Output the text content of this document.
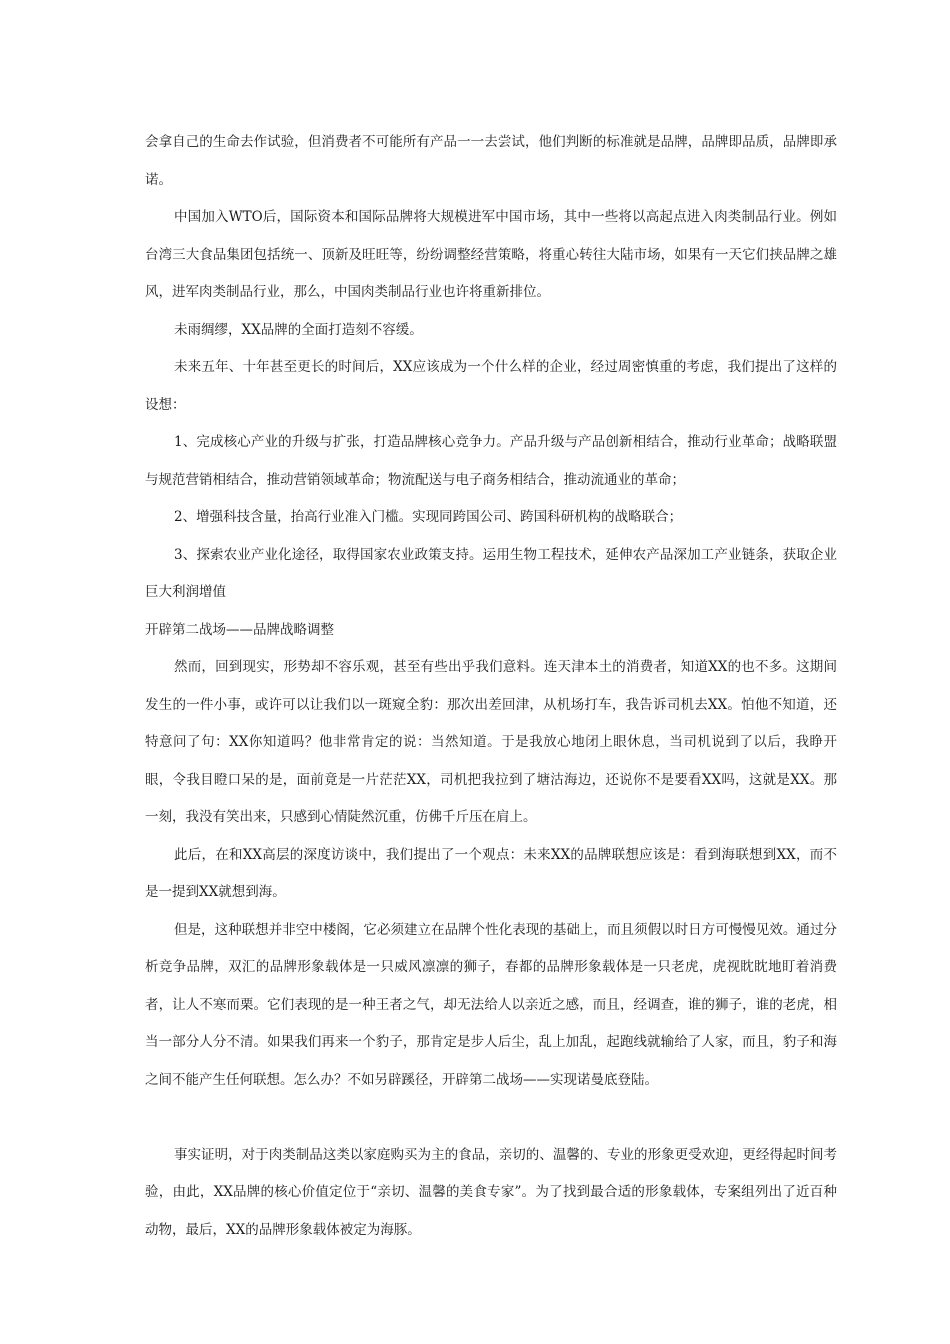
会拿自己的生命去作试验，但消费者不可能所有产品一一去尝试，他们判断的标准就是品牌，品牌即品质，品牌即承诺。

中国加入WTO后，国际资本和国际品牌将大规模进军中国市场，其中一些将以高起点进入肉类制品行业。例如台湾三大食品集团包括统一、顶新及旺旺等，纷纷调整经营策略，将重心转往大陆市场，如果有一天它们挟品牌之雄风，进军肉类制品行业，那么，中国肉类制品行业也许将重新排位。

未雨绸缪，XX品牌的全面打造刻不容缓。

未来五年、十年甚至更长的时间后，XX应该成为一个什么样的企业，经过周密慎重的考虑，我们提出了这样的设想：

1、完成核心产业的升级与扩张，打造品牌核心竞争力。产品升级与产品创新相结合，推动行业革命；战略联盟与规范营销相结合，推动营销领域革命；物流配送与电子商务相结合，推动流通业的革命；

2、增强科技含量，抬高行业准入门槛。实现同跨国公司、跨国科研机构的战略联合；

3、探索农业产业化途径，取得国家农业政策支持。运用生物工程技术，延伸农产品深加工产业链条，获取企业巨大利润增值

开辟第二战场——品牌战略调整

然而，回到现实，形势却不容乐观，甚至有些出乎我们意料。连天津本土的消费者，知道XX的也不多。这期间发生的一件小事，或许可以让我们以一斑窥全豹：那次出差回津，从机场打车，我告诉司机去XX。怕他不知道，还特意问了句：XX你知道吗？他非常肯定的说：当然知道。于是我放心地闭上眼休息，当司机说到了以后，我睁开眼，令我目瞪口呆的是，面前竟是一片茫茫XX，司机把我拉到了塘沽海边，还说你不是要看XX吗，这就是XX。那一刻，我没有笑出来，只感到心情陡然沉重，仿佛千斤压在肩上。

此后，在和XX高层的深度访谈中，我们提出了一个观点：未来XX的品牌联想应该是：看到海联想到XX，而不是一提到XX就想到海。

但是，这种联想并非空中楼阁，它必须建立在品牌个性化表现的基础上，而且须假以时日方可慢慢见效。通过分析竞争品牌，双汇的品牌形象载体是一只威风凛凛的狮子，春都的品牌形象载体是一只老虎，虎视眈眈地盯着消费者，让人不寒而栗。它们表现的是一种王者之气，却无法给人以亲近之感，而且，经调查，谁的狮子，谁的老虎，相当一部分人分不清。如果我们再来一个豹子，那肯定是步人后尘，乱上加乱，起跑线就输给了人家，而且，豹子和海之间不能产生任何联想。怎么办？不如另辟蹊径，开辟第二战场——实现诺曼底登陆。

事实证明，对于肉类制品这类以家庭购买为主的食品，亲切的、温馨的、专业的形象更受欢迎，更经得起时间考验，由此，XX品牌的核心价值定位于“亲切、温馨的美食专家”。为了找到最合适的形象载体，专案组列出了近百种动物，最后，XX的品牌形象载体被定为海豚。
